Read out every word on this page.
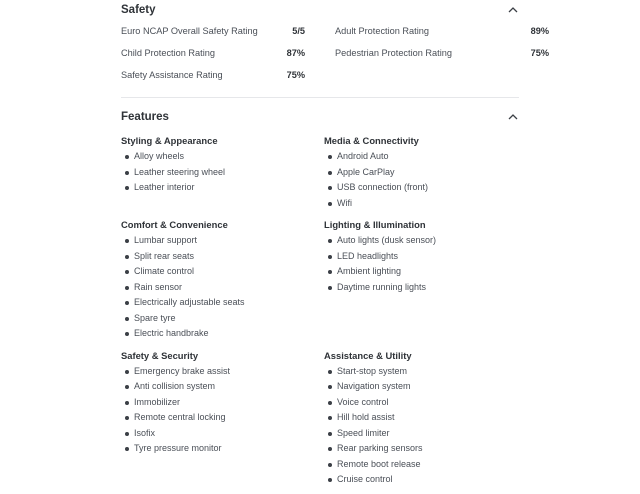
Safety
Euro NCAP Overall Safety Rating	5/5	Adult Protection Rating	89%
Child Protection Rating	87%	Pedestrian Protection Rating	75%
Safety Assistance Rating	75%
Features
Styling & Appearance
Alloy wheels
Leather steering wheel
Leather interior
Media & Connectivity
Android Auto
Apple CarPlay
USB connection (front)
Wifi
Comfort & Convenience
Lumbar support
Split rear seats
Climate control
Rain sensor
Electrically adjustable seats
Spare tyre
Electric handbrake
Lighting & Illumination
Auto lights (dusk sensor)
LED headlights
Ambient lighting
Daytime running lights
Safety & Security
Emergency brake assist
Anti collision system
Immobilizer
Remote central locking
Isofix
Tyre pressure monitor
Assistance & Utility
Start-stop system
Navigation system
Voice control
Hill hold assist
Speed limiter
Rear parking sensors
Remote boot release
Cruise control
